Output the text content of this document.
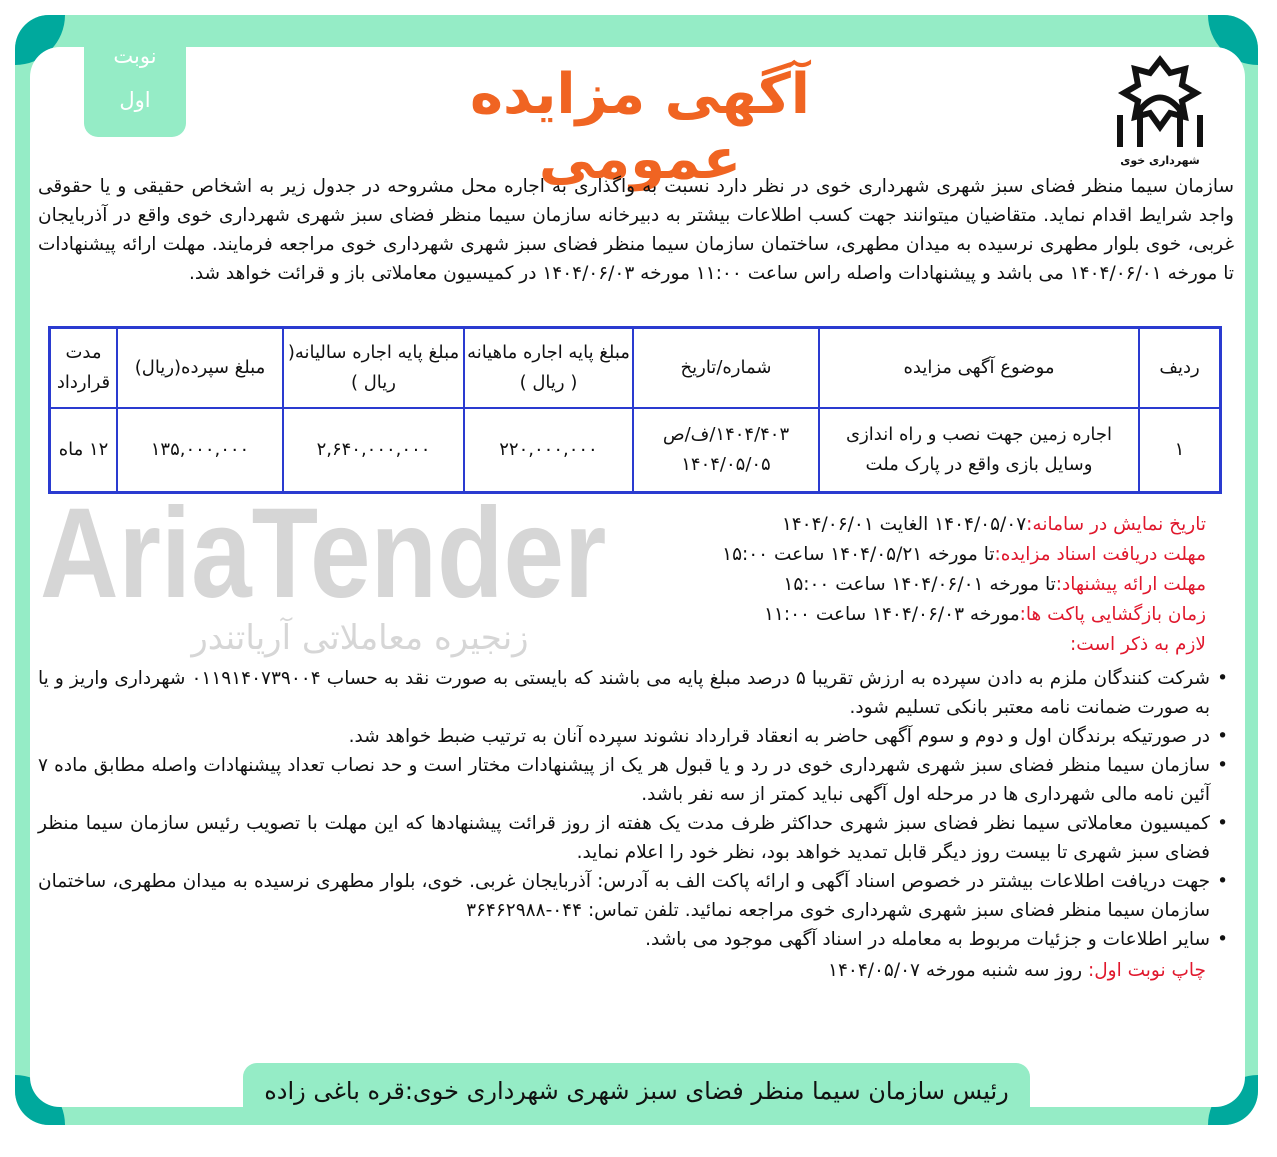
نوبت
اول
شهرداری خوی
آگهی مزایده عمومی
AriaTender
زنجیره معاملاتی آریاتندر
سازمان سیما منظر فضای سبز شهری شهرداری خوی در نظر دارد نسبت به واگذاری به اجاره محل مشروحه در جدول زیر به اشخاص حقیقی و یا حقوقی واجد شرایط اقدام نماید. متقاضیان میتوانند جهت کسب اطلاعات بیشتر به دبیرخانه سازمان سیما منظر فضای سبز شهری شهرداری خوی واقع در آذربایجان غربی، خوی بلوار مطهری نرسیده به میدان مطهری، ساختمان سازمان سیما منظر فضای سبز شهری شهرداری خوی مراجعه فرمایند. مهلت ارائه پیشنهادات تا مورخه ۱۴۰۴/۰۶/۰۱ می باشد و پیشنهادات واصله راس ساعت ۱۱:۰۰ مورخه ۱۴۰۴/۰۶/۰۳ در کمیسیون معاملاتی باز و قرائت خواهد شد.
ردیف	موضوع آگهی مزایده	شماره/تاریخ	مبلغ پایه اجاره ماهیانه ( ریال )	مبلغ پایه اجاره سالیانه( ریال )	مبلغ سپرده(ریال)	مدت قرارداد
۱	اجاره زمین جهت نصب و راه اندازی وسایل بازی واقع در پارک ملت	۱۴۰۴/۴۰۳/ف/ص ۱۴۰۴/۰۵/۰۵	۲۲۰,۰۰۰,۰۰۰	۲,۶۴۰,۰۰۰,۰۰۰	۱۳۵,۰۰۰,۰۰۰	۱۲ ماه
تاریخ نمایش در سامانه:۱۴۰۴/۰۵/۰۷ الغایت ۱۴۰۴/۰۶/۰۱
مهلت دریافت اسناد مزایده:تا مورخه ۱۴۰۴/۰۵/۲۱ ساعت ۱۵:۰۰
مهلت ارائه پیشنهاد:تا مورخه ۱۴۰۴/۰۶/۰۱ ساعت ۱۵:۰۰
زمان بازگشایی پاکت ها:مورخه ۱۴۰۴/۰۶/۰۳ ساعت ۱۱:۰۰
لازم به ذکر است:

• شرکت کنندگان ملزم به دادن سپرده به ارزش تقریبا ۵ درصد مبلغ پایه می باشند که بایستی به صورت نقد به حساب ۰۱۱۹۱۴۰۷۳۹۰۰۴ شهرداری واریز و یا به صورت ضمانت نامه معتبر بانکی تسلیم شود.

• در صورتیکه برندگان اول و دوم و سوم آگهی حاضر به انعقاد قرارداد نشوند سپرده آنان به ترتیب ضبط خواهد شد.

• سازمان سیما منظر فضای سبز شهری شهرداری خوی در رد و یا قبول هر یک از پیشنهادات مختار است و حد نصاب تعداد پیشنهادات واصله مطابق ماده ۷ آئین نامه مالی شهرداری ها در مرحله اول آگهی نباید کمتر از سه نفر باشد.

• کمیسیون معاملاتی سیما نظر فضای سبز شهری حداکثر ظرف مدت یک هفته از روز قرائت پیشنهادها که این مهلت با تصویب رئیس سازمان سیما منظر فضای سبز شهری تا بیست روز دیگر قابل تمدید خواهد بود، نظر خود را اعلام نماید.

• جهت دریافت اطلاعات بیشتر در خصوص اسناد آگهی و ارائه پاکت الف به آدرس: آذربایجان غربی. خوی، بلوار مطهری نرسیده به میدان مطهری، ساختمان سازمان سیما منظر فضای سبز شهری شهرداری خوی مراجعه نمائید. تلفن تماس: ۰۴۴-۳۶۴۶۲۹۸۸

• سایر اطلاعات و جزئیات مربوط به معامله در اسناد آگهی موجود می باشد.

چاپ نوبت اول: روز سه شنبه مورخه ۱۴۰۴/۰۵/۰۷
رئیس سازمان سیما منظر فضای سبز شهری شهرداری خوی:قره باغی زاده
